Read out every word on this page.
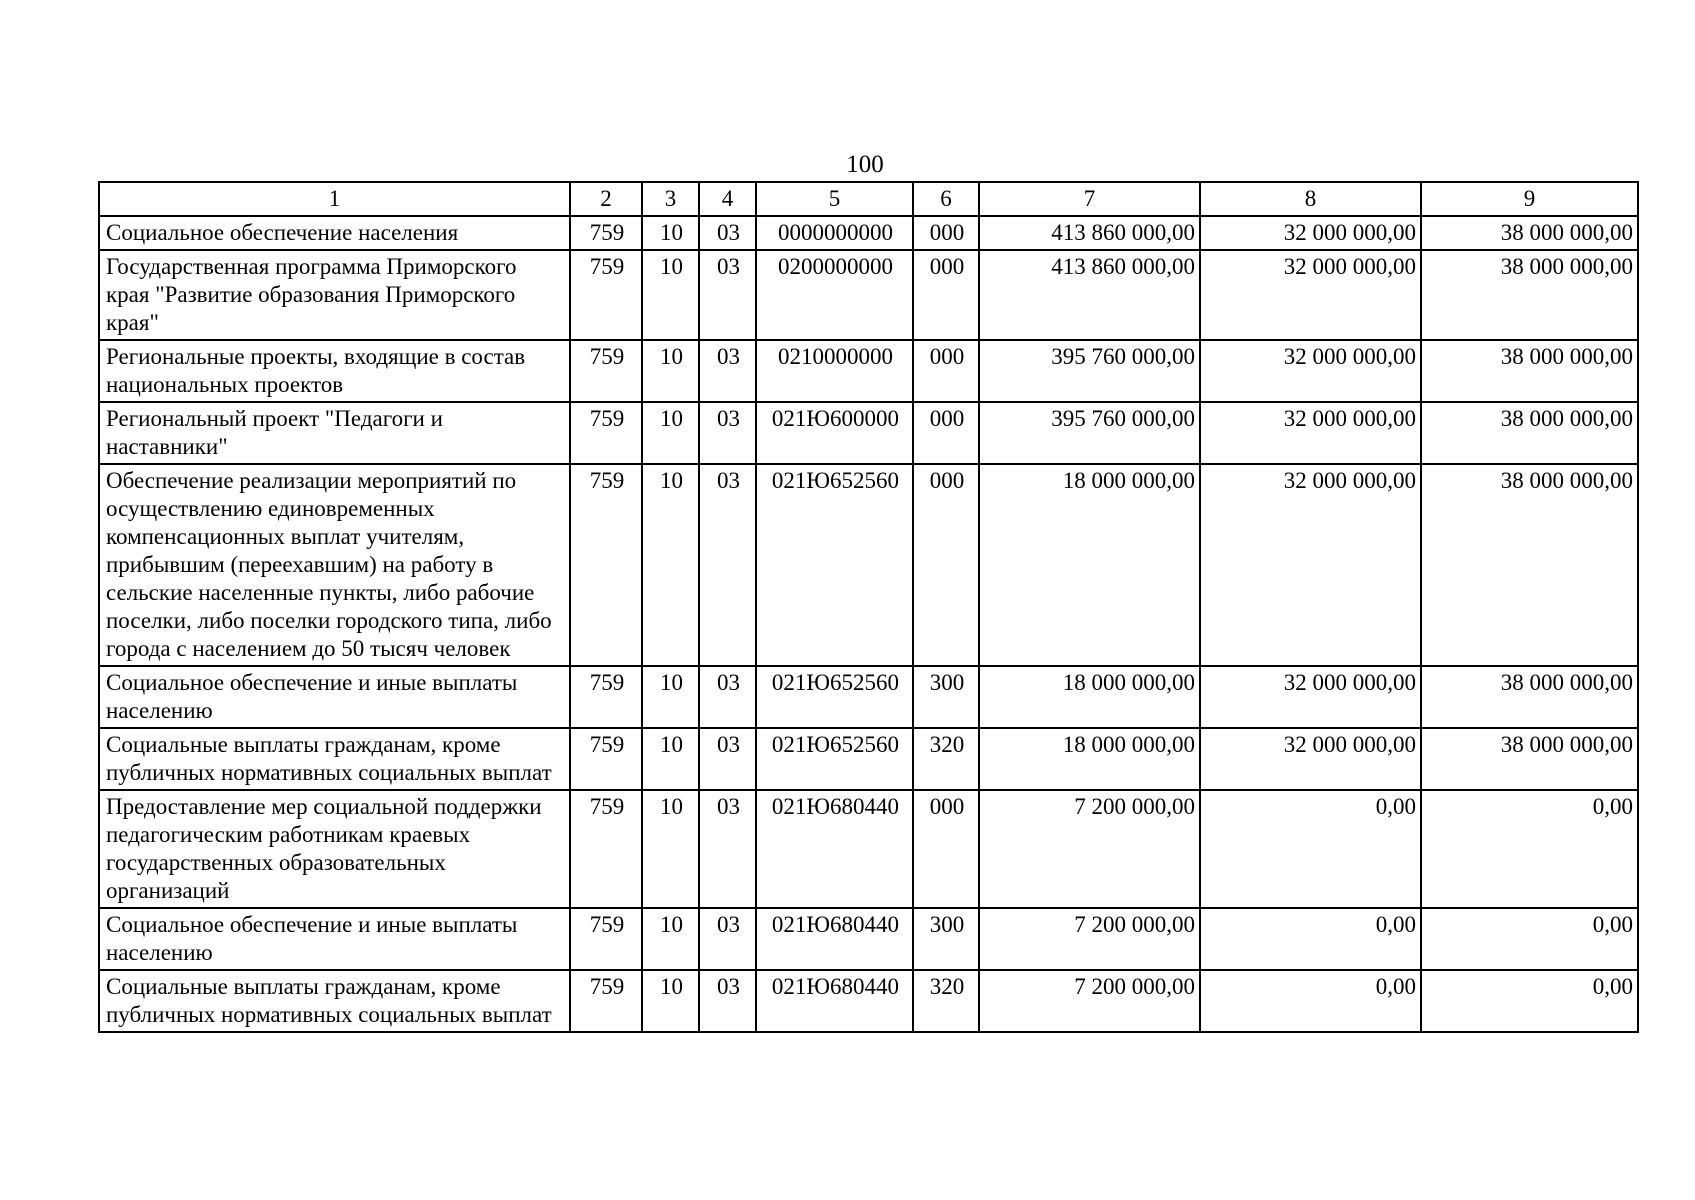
100
1	2	3	4	5	6	7	8	9
Социальное обеспечение населения	759	10	03	0000000000	000	413 860 000,00	32 000 000,00	38 000 000,00
Государственная программа Приморского края "Развитие образования Приморского края"	759	10	03	0200000000	000	413 860 000,00	32 000 000,00	38 000 000,00
Региональные проекты, входящие в состав национальных проектов	759	10	03	0210000000	000	395 760 000,00	32 000 000,00	38 000 000,00
Региональный проект "Педагоги и наставники"	759	10	03	021Ю600000	000	395 760 000,00	32 000 000,00	38 000 000,00
Обеспечение реализации мероприятий по осуществлению единовременных компенсационных выплат учителям, прибывшим (переехавшим) на работу в сельские населенные пункты, либо рабочие поселки, либо поселки городского типа, либо города с населением до 50 тысяч человек	759	10	03	021Ю652560	000	18 000 000,00	32 000 000,00	38 000 000,00
Социальное обеспечение и иные выплаты населению	759	10	03	021Ю652560	300	18 000 000,00	32 000 000,00	38 000 000,00
Социальные выплаты гражданам, кроме публичных нормативных социальных выплат	759	10	03	021Ю652560	320	18 000 000,00	32 000 000,00	38 000 000,00
Предоставление мер социальной поддержки педагогическим работникам краевых государственных образовательных организаций	759	10	03	021Ю680440	000	7 200 000,00	0,00	0,00
Социальное обеспечение и иные выплаты населению	759	10	03	021Ю680440	300	7 200 000,00	0,00	0,00
Социальные выплаты гражданам, кроме публичных нормативных социальных выплат	759	10	03	021Ю680440	320	7 200 000,00	0,00	0,00
